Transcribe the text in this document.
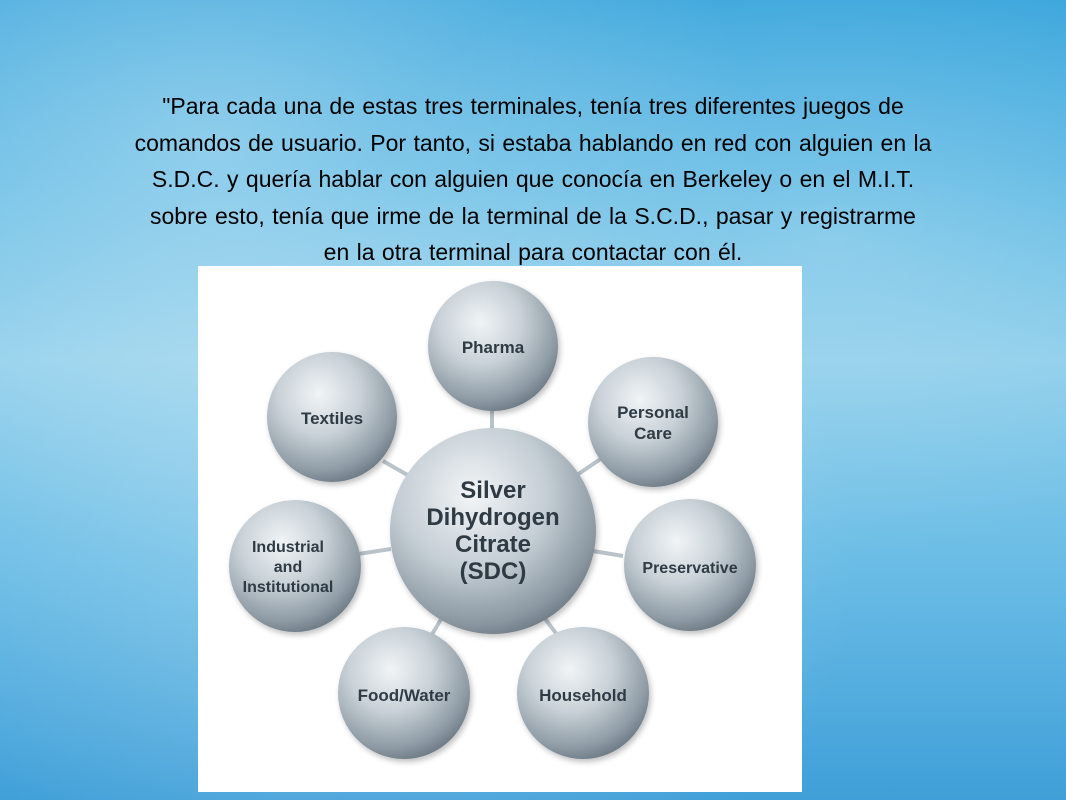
"Para cada una de estas tres terminales, tenía tres diferentes juegos de
comandos de usuario. Por tanto, si estaba hablando en red con alguien en la
S.D.C. y quería hablar con alguien que conocía en Berkeley o en el M.I.T.
sobre esto, tenía que irme de la terminal de la S.C.D., pasar y registrarme
en la otra terminal para contactar con él.

Pharma
Personal
Care
Preservative
Household
Food/Water
Industrial
and
Institutional
Textiles
Silver
Dihydrogen
Citrate
(SDC)
